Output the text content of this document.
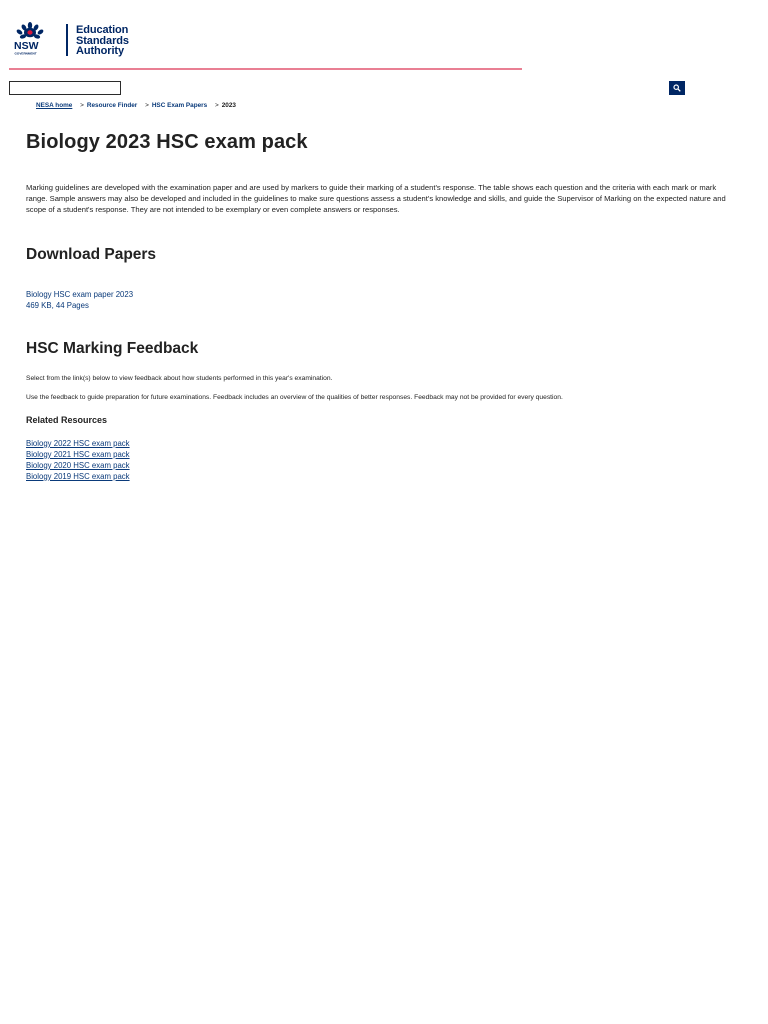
NSW
GOVERNMENT
Education
Standards
Authority
NESA home > Resource Finder > HSC Exam Papers > 2023
Biology 2023 HSC exam pack

Marking guidelines are developed with the examination paper and are used by markers to guide their marking of a student's response. The table shows each question and the criteria with each mark or mark range. Sample answers may also be developed and included in the guidelines to make sure questions assess a student's knowledge and skills, and guide the Supervisor of Marking on the expected nature and scope of a student's response. They are not intended to be exemplary or even complete answers or responses.

Download Papers
Biology HSC exam paper 2023
469 KB, 44 Pages
HSC Marking Feedback

Select from the link(s) below to view feedback about how students performed in this year's examination.

Use the feedback to guide preparation for future examinations. Feedback includes an overview of the qualities of better responses. Feedback may not be provided for every question.

Related Resources
Biology 2022 HSC exam pack
Biology 2021 HSC exam pack
Biology 2020 HSC exam pack
Biology 2019 HSC exam pack
